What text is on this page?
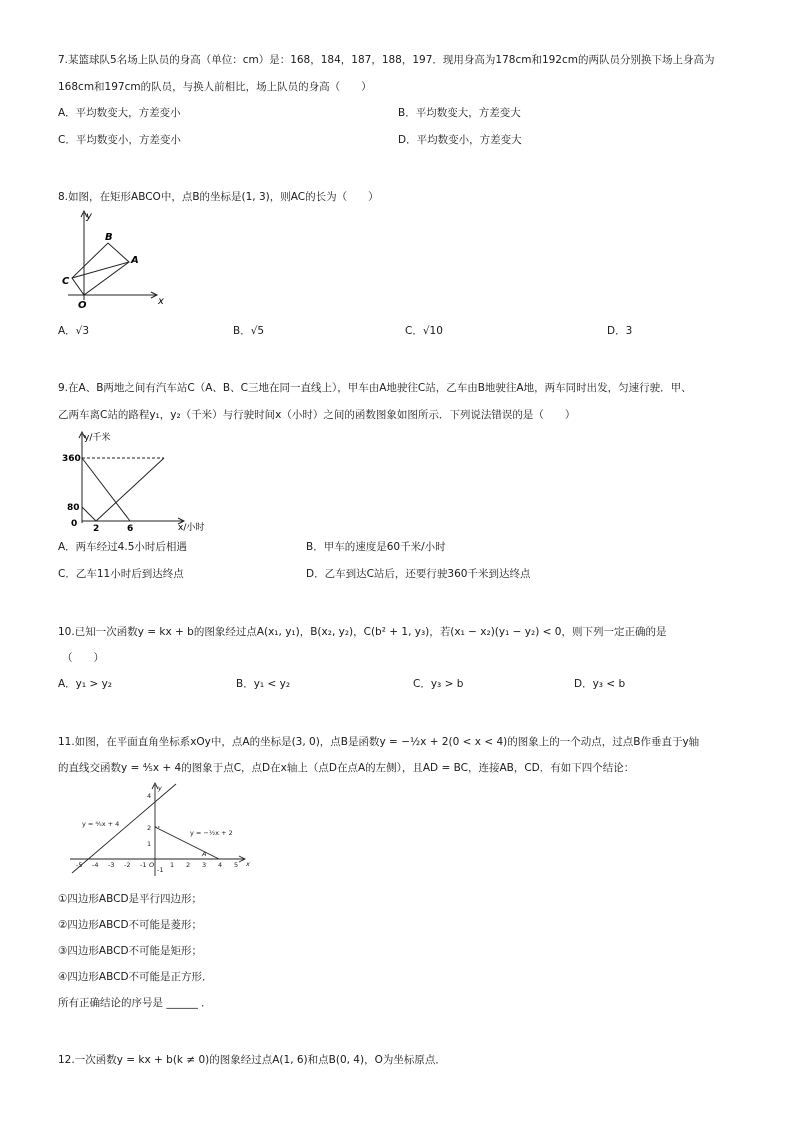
7.某篮球队5名场上队员的身高（单位：cm）是：168，184，187，188，197．现用身高为178cm和192cm的两队员分别换下场上身高为
168cm和197cm的队员，与换人前相比，场上队员的身高（　　）
A．平均数变大，方差变小	B．平均数变大，方差变大
C．平均数变小，方差变小	D．平均数变小，方差变大
8.如图，在矩形ABCO中，点B的坐标是(1, 3)，则AC的长为（　　）
y
x
B
A
C
O
A．√3	B．√5	C．√10	D．3
9.在A、B两地之间有汽车站C（A、B、C三地在同一直线上），甲车由A地驶往C站，乙车由B地驶往A地，两车同时出发，匀速行驶．甲、
乙两车离C站的路程y₁，y₂（千米）与行驶时间x（小时）之间的函数图象如图所示．下列说法错误的是（　　）
y/千米
x/小时
360
80
0 2	6
A．两车经过4.5小时后相遇	B．甲车的速度是60千米/小时
C．乙车11小时后到达终点	D．乙车到达C站后，还要行驶360千米到达终点
10.已知一次函数y = kx + b的图象经过点A(x₁, y₁)，B(x₂, y₂)，C(b² + 1, y₃)，若(x₁ − x₂)(y₁ − y₂) < 0，则下列一定正确的是
（　　）
A．y₁ > y₂	B．y₁ < y₂	C．y₃ > b	D．y₃ < b
11.如图，在平面直角坐标系xOy中，点A的坐标是(3, 0)，点B是函数y = −½x + 2(0 < x < 4)的图象上的一个动点，过点B作垂直于y轴
的直线交函数y = ⁴⁄₅x + 4的图象于点C，点D在x轴上（点D在点A的左侧），且AD = BC，连接AB，CD．有如下四个结论：
y
x
y = ⁴⁄₅x + 4
y = −½x + 2
4
2
1
-1
A
-5 -4 -3 -2 -1 O 1 2 3 4 5
①四边形ABCD是平行四边形；
②四边形ABCD不可能是菱形；
③四边形ABCD不可能是矩形；
④四边形ABCD不可能是正方形．
所有正确结论的序号是 ______ ．
12.一次函数y = kx + b(k ≠ 0)的图象经过点A(1, 6)和点B(0, 4)，O为坐标原点．
